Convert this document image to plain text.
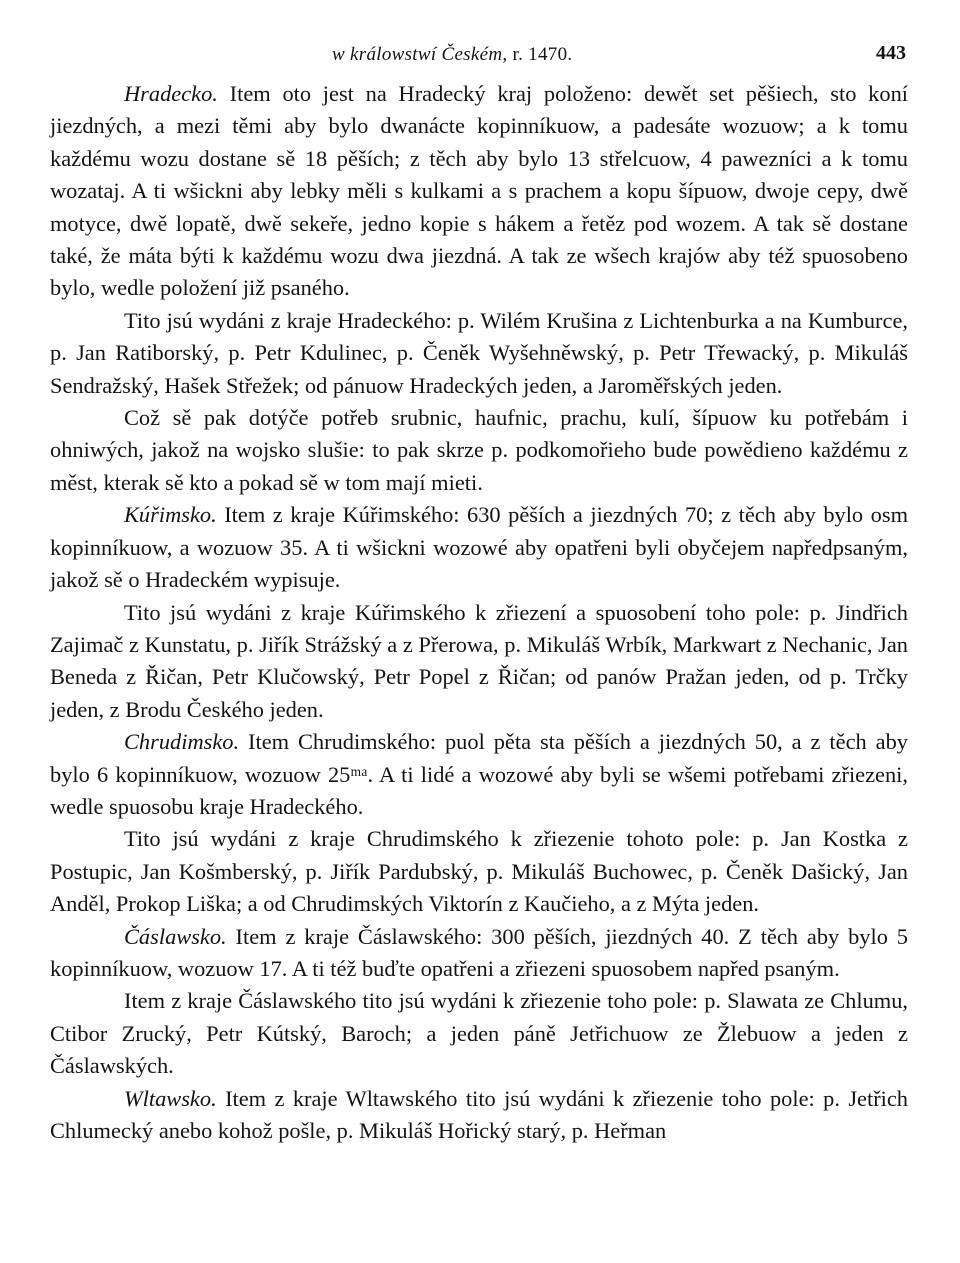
w králowstwí Českém, r. 1470.	443

Hradecko. Item oto jest na Hradecký kraj položeno: dewět set pěšiech, sto koní jiezdných, a mezi těmi aby bylo dwanácte kopinníkuow, a padesáte wozuow; a k tomu každému wozu dostane sě 18 pěších; z těch aby bylo 13 střelcuow, 4 pawezníci a k tomu wozataj. A ti wšickni aby lebky měli s kulkami a s prachem a kopu šípuow, dwoje cepy, dwě motyce, dwě lopatě, dwě sekeře, jedno kopie s hákem a řetěz pod wozem. A tak sě dostane také, že máta býti k každému wozu dwa jiezdná. A tak ze wšech krajów aby též spuosobeno bylo, wedle položení již psaného.

Tito jsú wydáni z kraje Hradeckého: p. Wilém Krušina z Lichtenburka a na Kumburce, p. Jan Ratiborský, p. Petr Kdulinec, p. Čeněk Wyšehněwský, p. Petr Třewacký, p. Mikuláš Sendražský, Hašek Střežek; od pánuow Hradeckých jeden, a Jaroměřských jeden.

Což sě pak dotýče potřeb srubnic, haufnic, prachu, kulí, šípuow ku potřebám i ohniwých, jakož na wojsko slušie: to pak skrze p. podkomořieho bude powědieno každému z měst, kterak sě kto a pokad sě w tom mají mieti.

Kúřimsko. Item z kraje Kúřimského: 630 pěších a jiezdných 70; z těch aby bylo osm kopinníkuow, a wozuow 35. A ti wšickni wozowé aby opatřeni byli obyčejem napředpsaným, jakož sě o Hradeckém wypisuje.

Tito jsú wydáni z kraje Kúřimského k zřiezení a spuosobení toho pole: p. Jindřich Zajimač z Kunstatu, p. Jiřík Strážský a z Přerowa, p. Mikuláš Wrbík, Markwart z Nechanic, Jan Beneda z Řičan, Petr Klučowský, Petr Popel z Řičan; od panów Pražan jeden, od p. Trčky jeden, z Brodu Českého jeden.

Chrudimsko. Item Chrudimského: puol pěta sta pěších a jiezdných 50, a z těch aby bylo 6 kopinníkuow, wozuow 25ᵐᵃ. A ti lidé a wozowé aby byli se wšemi potřebami zřiezeni, wedle spuosobu kraje Hradeckého.

Tito jsú wydáni z kraje Chrudimského k zřiezenie tohoto pole: p. Jan Kostka z Postupic, Jan Košmberský, p. Jiřík Pardubský, p. Mikuláš Buchowec, p. Čeněk Dašický, Jan Anděl, Prokop Liška; a od Chrudimských Viktorín z Kaučieho, a z Mýta jeden.

Čáslawsko. Item z kraje Čáslawského: 300 pěších, jiezdných 40. Z těch aby bylo 5 kopinníkuow, wozuow 17. A ti též buďte opatřeni a zřiezeni spuosobem napřed psaným.

Item z kraje Čáslawského tito jsú wydáni k zřiezenie toho pole: p. Slawata ze Chlumu, Ctibor Zrucký, Petr Kútský, Baroch; a jeden páně Jetřichuow ze Žlebuow a jeden z Čáslawských.

Wltawsko. Item z kraje Wltawského tito jsú wydáni k zřiezenie toho pole: p. Jetřich Chlumecký anebo kohož pošle, p. Mikuláš Hořický starý, p. Heřman
